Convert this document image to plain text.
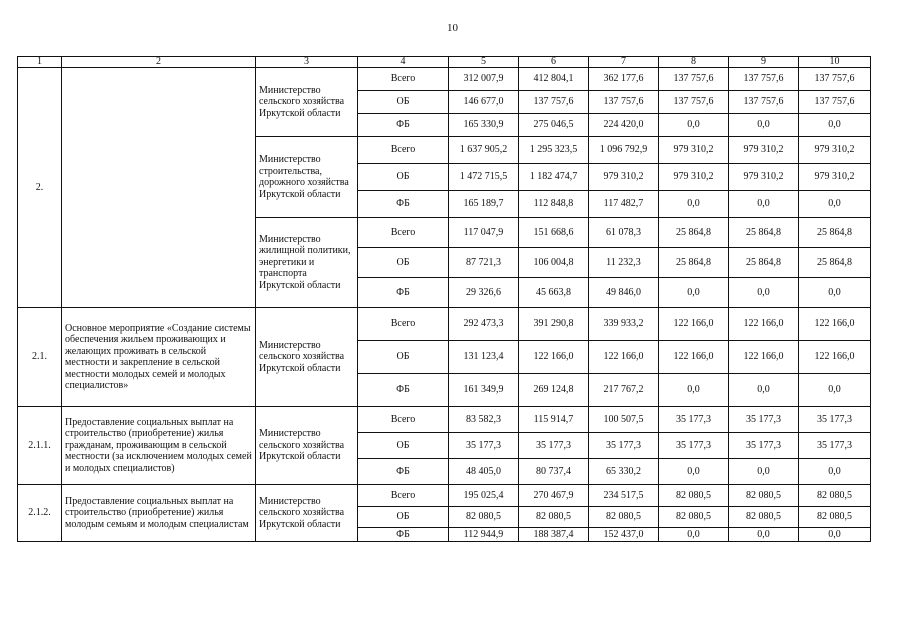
10
1	2	3	4	5	6	7	8	9	10
2.		Министерство сельского хозяйства Иркутской области	Всего	312 007,9	412 804,1	362 177,6	137 757,6	137 757,6	137 757,6
			ОБ	146 677,0	137 757,6	137 757,6	137 757,6	137 757,6	137 757,6
			ФБ	165 330,9	275 046,5	224 420,0	0,0	0,0	0,0
		Министерство строительства, дорожного хозяйства Иркутской области	Всего	1 637 905,2	1 295 323,5	1 096 792,9	979 310,2	979 310,2	979 310,2
			ОБ	1 472 715,5	1 182 474,7	979 310,2	979 310,2	979 310,2	979 310,2
			ФБ	165 189,7	112 848,8	117 482,7	0,0	0,0	0,0
		Министерство жилищной политики, энергетики и транспорта Иркутской области	Всего	117 047,9	151 668,6	61 078,3	25 864,8	25 864,8	25 864,8
			ОБ	87 721,3	106 004,8	11 232,3	25 864,8	25 864,8	25 864,8
			ФБ	29 326,6	45 663,8	49 846,0	0,0	0,0	0,0
2.1.	Основное мероприятие «Создание системы обеспечения жильем проживающих и желающих проживать в сельской местности и закрепление в сельской местности молодых семей и молодых специалистов»	Министерство сельского хозяйства Иркутской области	Всего	292 473,3	391 290,8	339 933,2	122 166,0	122 166,0	122 166,0
			ОБ	131 123,4	122 166,0	122 166,0	122 166,0	122 166,0	122 166,0
			ФБ	161 349,9	269 124,8	217 767,2	0,0	0,0	0,0
2.1.1.	Предоставление социальных выплат на строительство (приобретение) жилья гражданам, проживающим в сельской местности (за исключением молодых семей и молодых специалистов)	Министерство сельского хозяйства Иркутской области	Всего	83 582,3	115 914,7	100 507,5	35 177,3	35 177,3	35 177,3
			ОБ	35 177,3	35 177,3	35 177,3	35 177,3	35 177,3	35 177,3
			ФБ	48 405,0	80 737,4	65 330,2	0,0	0,0	0,0
2.1.2.	Предоставление социальных выплат на строительство (приобретение) жилья молодым семьям и молодым специалистам	Министерство сельского хозяйства Иркутской области	Всего	195 025,4	270 467,9	234 517,5	82 080,5	82 080,5	82 080,5
			ОБ	82 080,5	82 080,5	82 080,5	82 080,5	82 080,5	82 080,5
			ФБ	112 944,9	188 387,4	152 437,0	0,0	0,0	0,0
